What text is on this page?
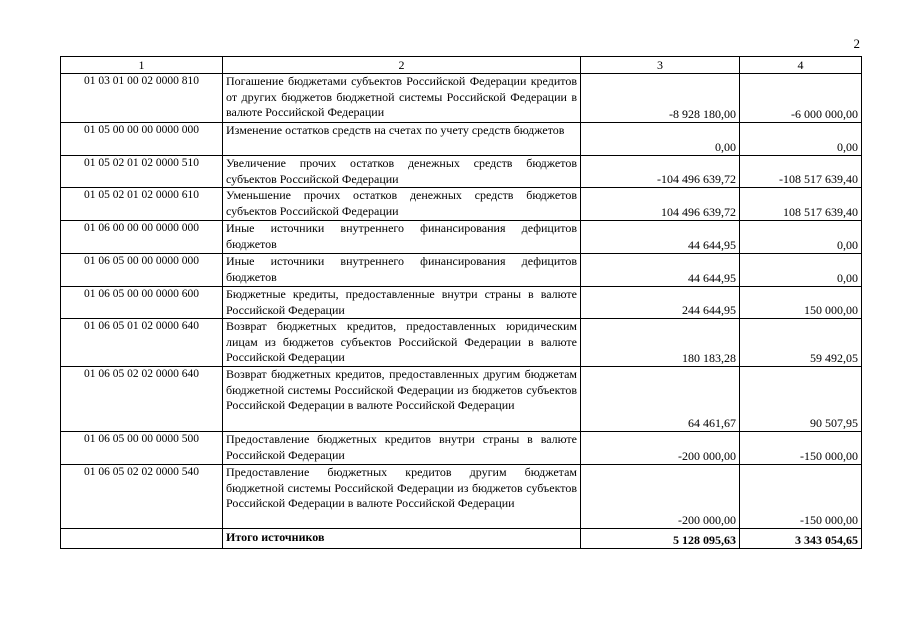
2
1	2	3	4
01 03 01 00 02 0000 810	Погашение бюджетами субъектов Российской Федерации кредитов от других бюджетов бюджетной системы Российской Федерации в валюте Российской Федерации	-8 928 180,00	-6 000 000,00
01 05 00 00 00 0000 000	Изменение остатков средств на счетах по учету средств бюджетов	0,00	0,00
01 05 02 01 02 0000 510	Увеличение прочих остатков денежных средств бюджетов субъектов Российской Федерации	-104 496 639,72	-108 517 639,40
01 05 02 01 02 0000 610	Уменьшение прочих остатков денежных средств бюджетов субъектов Российской Федерации	104 496 639,72	108 517 639,40
01 06 00 00 00 0000 000	Иные источники внутреннего финансирования дефицитов бюджетов	44 644,95	0,00
01 06 05 00 00 0000 000	Иные источники внутреннего финансирования дефицитов бюджетов	44 644,95	0,00
01 06 05 00 00 0000 600	Бюджетные кредиты, предоставленные внутри страны в валюте Российской Федерации	244 644,95	150 000,00
01 06 05 01 02 0000 640	Возврат бюджетных кредитов, предоставленных юридическим лицам из бюджетов субъектов Российской Федерации в валюте Российской Федерации	180 183,28	59 492,05
01 06 05 02 02 0000 640	Возврат бюджетных кредитов, предоставленных другим бюджетам бюджетной системы Российской Федерации из бюджетов субъектов Российской Федерации в валюте Российской Федерации	64 461,67	90 507,95
01 06 05 00 00 0000 500	Предоставление бюджетных кредитов внутри страны в валюте Российской Федерации	-200 000,00	-150 000,00
01 06 05 02 02 0000 540	Предоставление бюджетных кредитов другим бюджетам бюджетной системы Российской Федерации из бюджетов субъектов Российской Федерации в валюте Российской Федерации	-200 000,00	-150 000,00
	Итого источников	5 128 095,63	3 343 054,65
